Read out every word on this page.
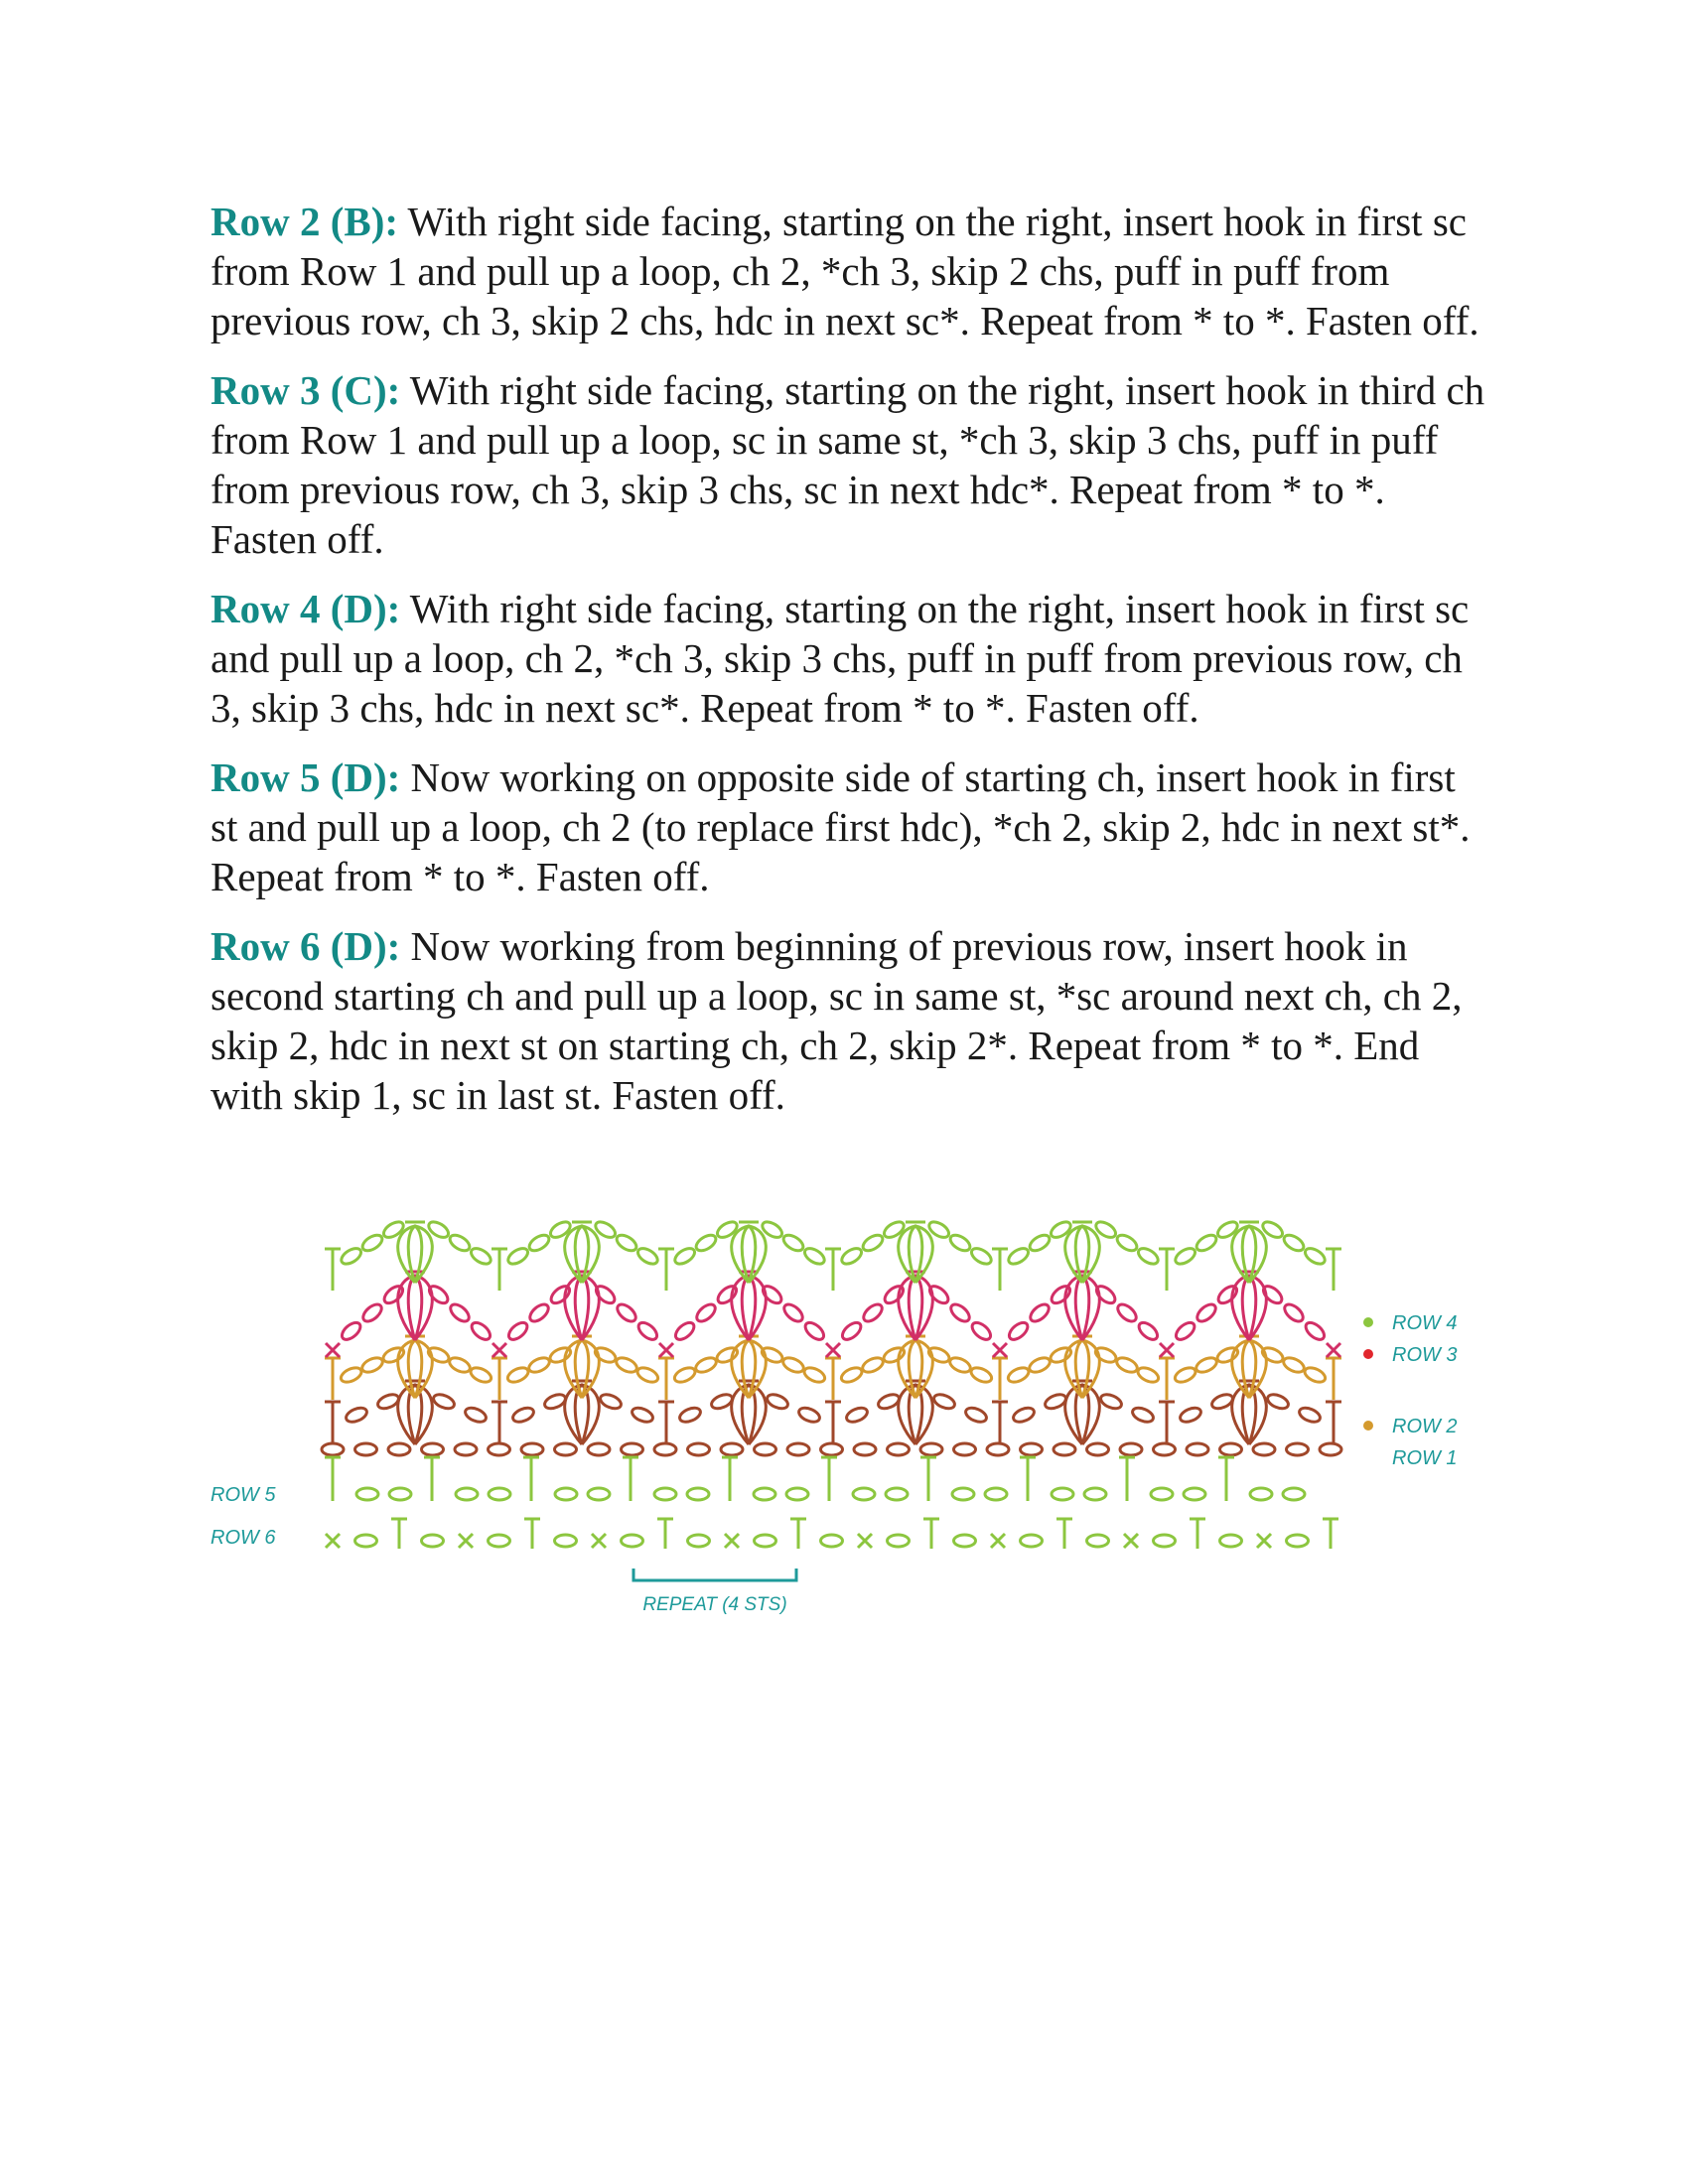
Row 2 (B): With right side facing, starting on the right, insert hook in first sc from Row 1 and pull up a loop, ch 2, *ch 3, skip 2 chs, puff in puff from previous row, ch 3, skip 2 chs, hdc in next sc*. Repeat from * to *. Fasten off.

Row 3 (C): With right side facing, starting on the right, insert hook in third ch from Row 1 and pull up a loop, sc in same st, *ch 3, skip 3 chs, puff in puff from previous row, ch 3, skip 3 chs, sc in next hdc*. Repeat from * to *. Fasten off.

Row 4 (D): With right side facing, starting on the right, insert hook in first sc and pull up a loop, ch 2, *ch 3, skip 3 chs, puff in puff from previous row, ch 3, skip 3 chs, hdc in next sc*. Repeat from * to *. Fasten off.

Row 5 (D): Now working on opposite side of starting ch, insert hook in first st and pull up a loop, ch 2 (to replace first hdc), *ch 2, skip 2, hdc in next st*. Repeat from * to *. Fasten off.

Row 6 (D): Now working from beginning of previous row, insert hook in second starting ch and pull up a loop, sc in same st, *sc around next ch, ch 2, skip 2, hdc in next st on starting ch, ch 2, skip 2*. Repeat from * to *. End with skip 1, sc in last st. Fasten off.

ROW 4
ROW 3
ROW 2
ROW 1
ROW 5
ROW 6
REPEAT (4 STS)
